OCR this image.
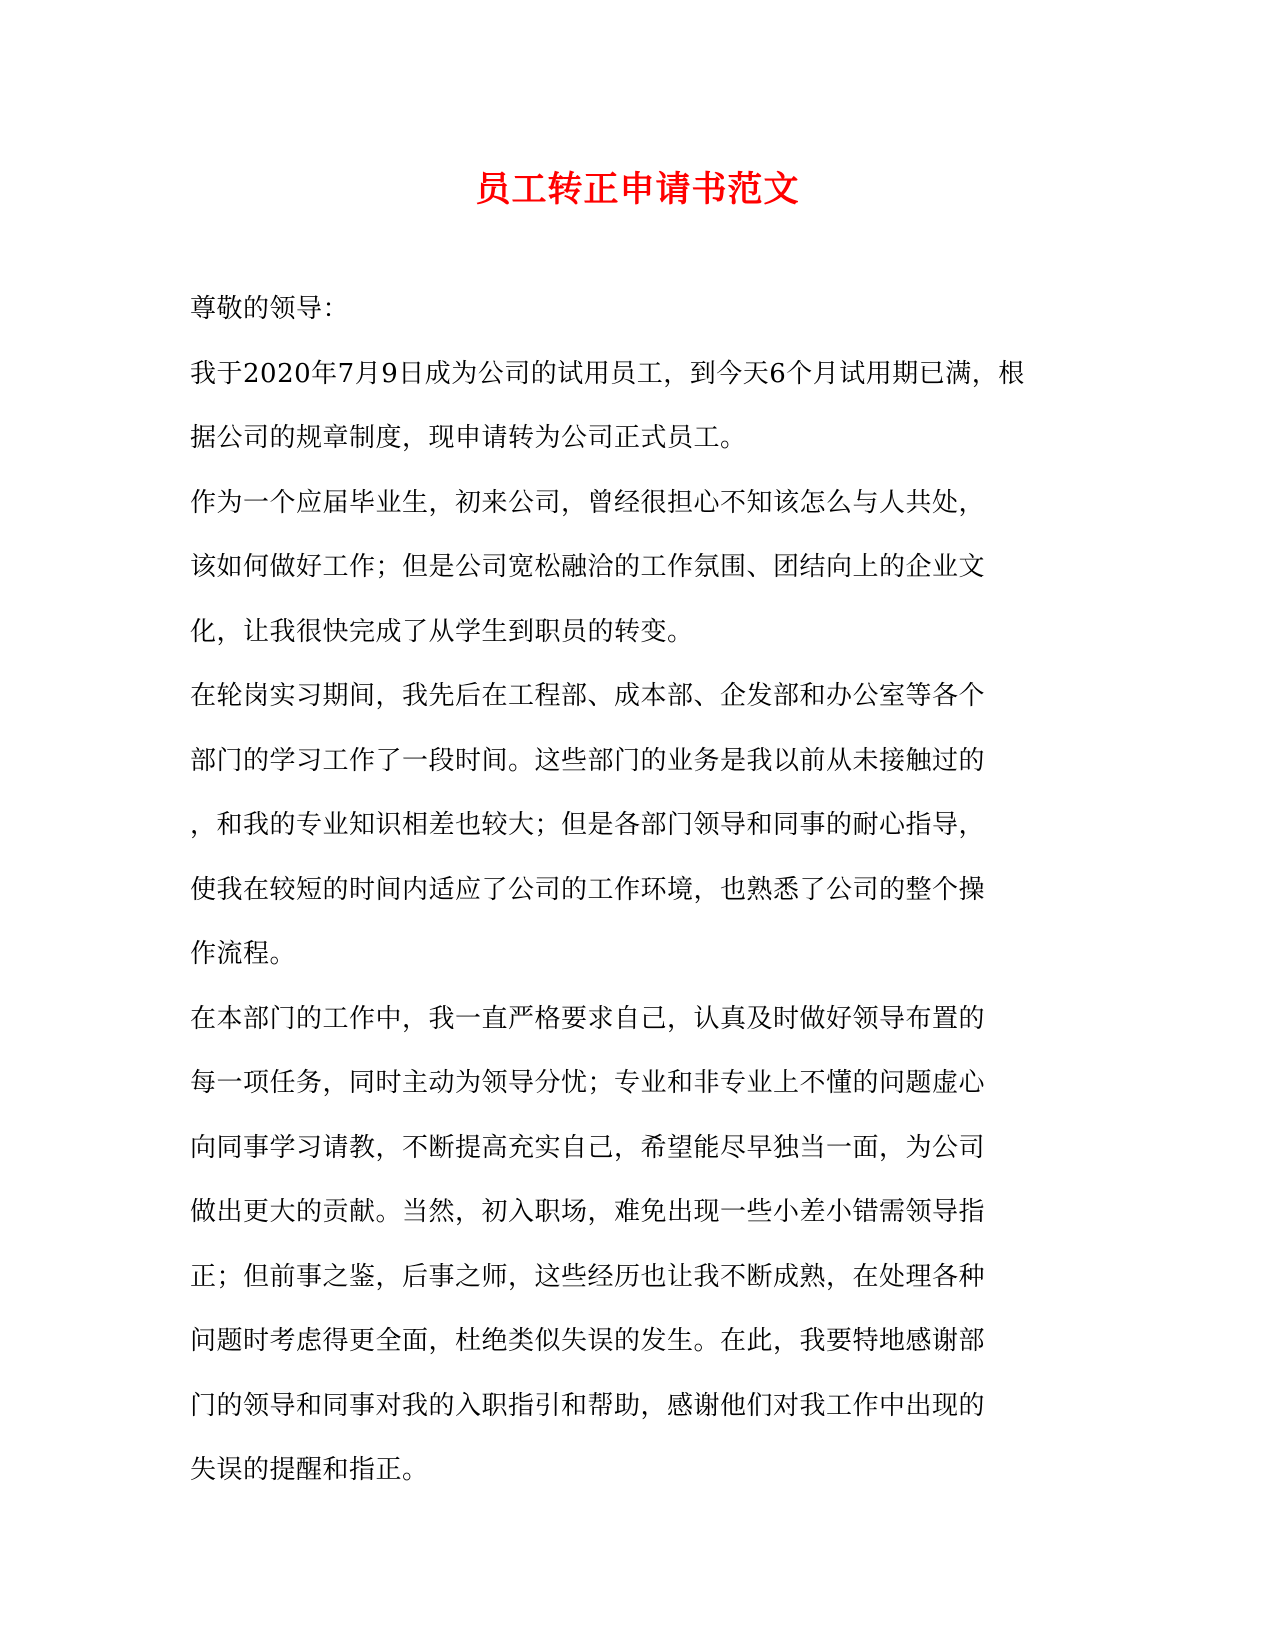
员工转正申请书范文
尊敬的领导：
我于2020年7月9日成为公司的试用员工，到今天6个月试用期已满，根
据公司的规章制度，现申请转为公司正式员工。
作为一个应届毕业生，初来公司，曾经很担心不知该怎么与人共处，
该如何做好工作；但是公司宽松融洽的工作氛围、团结向上的企业文
化，让我很快完成了从学生到职员的转变。
在轮岗实习期间，我先后在工程部、成本部、企发部和办公室等各个
部门的学习工作了一段时间。这些部门的业务是我以前从未接触过的
，和我的专业知识相差也较大；但是各部门领导和同事的耐心指导，
使我在较短的时间内适应了公司的工作环境，也熟悉了公司的整个操
作流程。
在本部门的工作中，我一直严格要求自己，认真及时做好领导布置的
每一项任务，同时主动为领导分忧；专业和非专业上不懂的问题虚心
向同事学习请教，不断提高充实自己，希望能尽早独当一面，为公司
做出更大的贡献。当然，初入职场，难免出现一些小差小错需领导指
正；但前事之鉴，后事之师，这些经历也让我不断成熟，在处理各种
问题时考虑得更全面，杜绝类似失误的发生。在此，我要特地感谢部
门的领导和同事对我的入职指引和帮助，感谢他们对我工作中出现的
失误的提醒和指正。
